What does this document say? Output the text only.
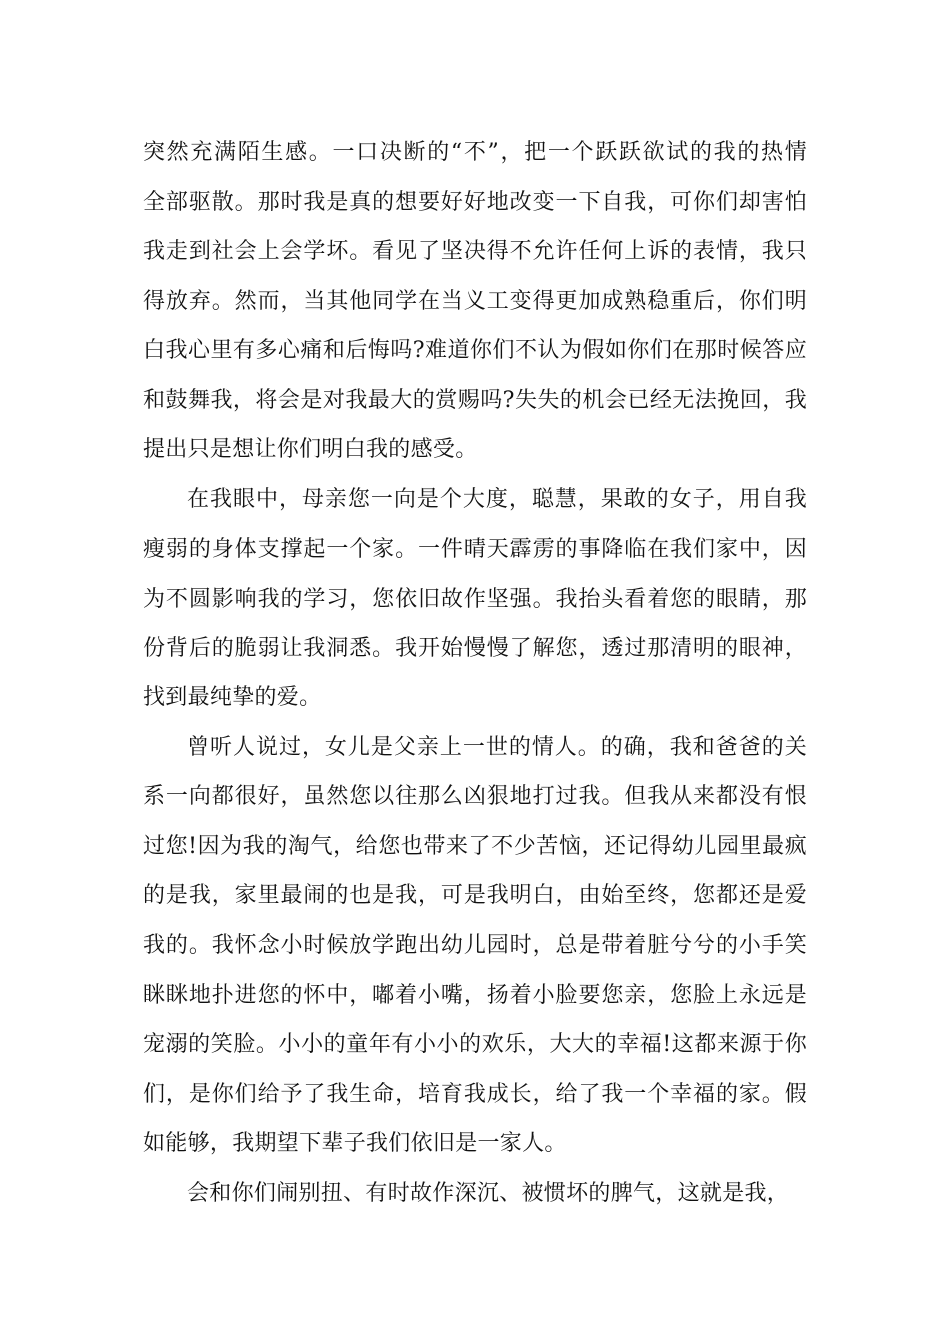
突然充满陌生感。一口决断的“不”，把一个跃跃欲试的我的热情
全部驱散。那时我是真的想要好好地改变一下自我，可你们却害怕
我走到社会上会学坏。看见了坚决得不允许任何上诉的表情，我只
得放弃。然而，当其他同学在当义工变得更加成熟稳重后，你们明
白我心里有多心痛和后悔吗?难道你们不认为假如你们在那时候答应
和鼓舞我，将会是对我最大的赏赐吗?失失的机会已经无法挽回，我
提出只是想让你们明白我的感受。
在我眼中，母亲您一向是个大度，聪慧，果敢的女子，用自我
瘦弱的身体支撑起一个家。一件晴天霹雳的事降临在我们家中，因
为不圆影响我的学习，您依旧故作坚强。我抬头看着您的眼睛，那
份背后的脆弱让我洞悉。我开始慢慢了解您，透过那清明的眼神，
找到最纯挚的爱。
曾听人说过，女儿是父亲上一世的情人。的确，我和爸爸的关
系一向都很好，虽然您以往那么凶狠地打过我。但我从来都没有恨
过您!因为我的淘气，给您也带来了不少苦恼，还记得幼儿园里最疯
的是我，家里最闹的也是我，可是我明白，由始至终，您都还是爱
我的。我怀念小时候放学跑出幼儿园时，总是带着脏兮兮的小手笑
眯眯地扑进您的怀中，嘟着小嘴，扬着小脸要您亲，您脸上永远是
宠溺的笑脸。小小的童年有小小的欢乐，大大的幸福!这都来源于你
们，是你们给予了我生命，培育我成长，给了我一个幸福的家。假
如能够，我期望下辈子我们依旧是一家人。
会和你们闹别扭、有时故作深沉、被惯坏的脾气，这就是我，
